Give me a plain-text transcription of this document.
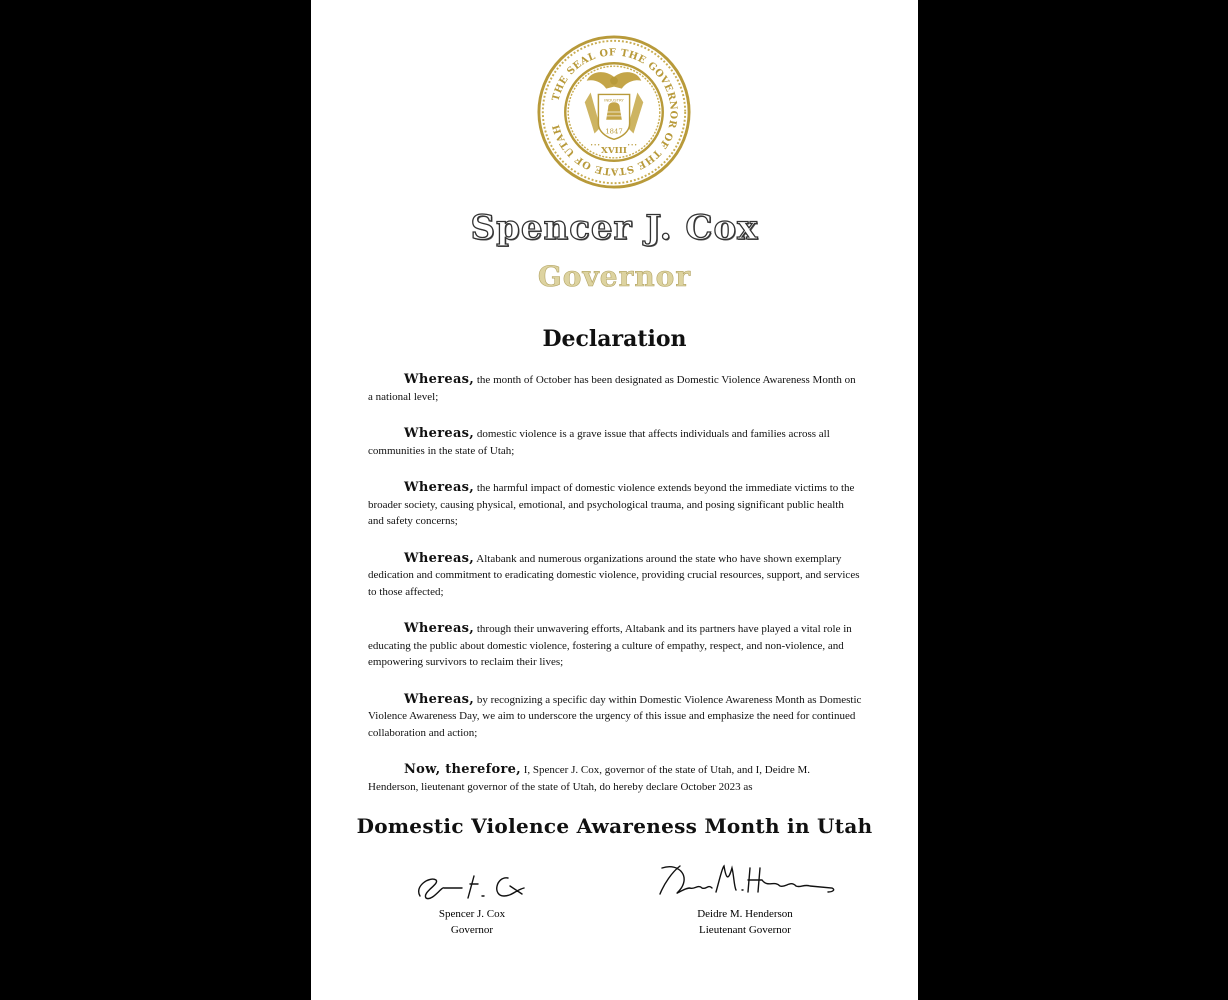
THE SEAL OF THE GOVERNOR OF THE STATE OF UTAH
INDUSTRY
1847
XVIII
• • •	• • •
Spencer J. Cox
Governor
Declaration

Whereas, the month of October has been designated as Domestic Violence Awareness Month on a national level;

Whereas, domestic violence is a grave issue that affects individuals and families across all communities in the state of Utah;

Whereas, the harmful impact of domestic violence extends beyond the immediate victims to the broader society, causing physical, emotional, and psychological trauma, and posing significant public health and safety concerns;

Whereas, Altabank and numerous organizations around the state who have shown exemplary dedication and commitment to eradicating domestic violence, providing crucial resources, support, and services to those affected;

Whereas, through their unwavering efforts, Altabank and its partners have played a vital role in educating the public about domestic violence, fostering a culture of empathy, respect, and non-violence, and empowering survivors to reclaim their lives;

Whereas, by recognizing a specific day within Domestic Violence Awareness Month as Domestic Violence Awareness Day, we aim to underscore the urgency of this issue and emphasize the need for continued collaboration and action;

Now, therefore, I, Spencer J. Cox, governor of the state of Utah, and I, Deidre M. Henderson, lieutenant governor of the state of Utah, do hereby declare October 2023 as

Domestic Violence Awareness Month in Utah
Spencer J. Cox
Governor
Deidre M. Henderson
Lieutenant Governor
